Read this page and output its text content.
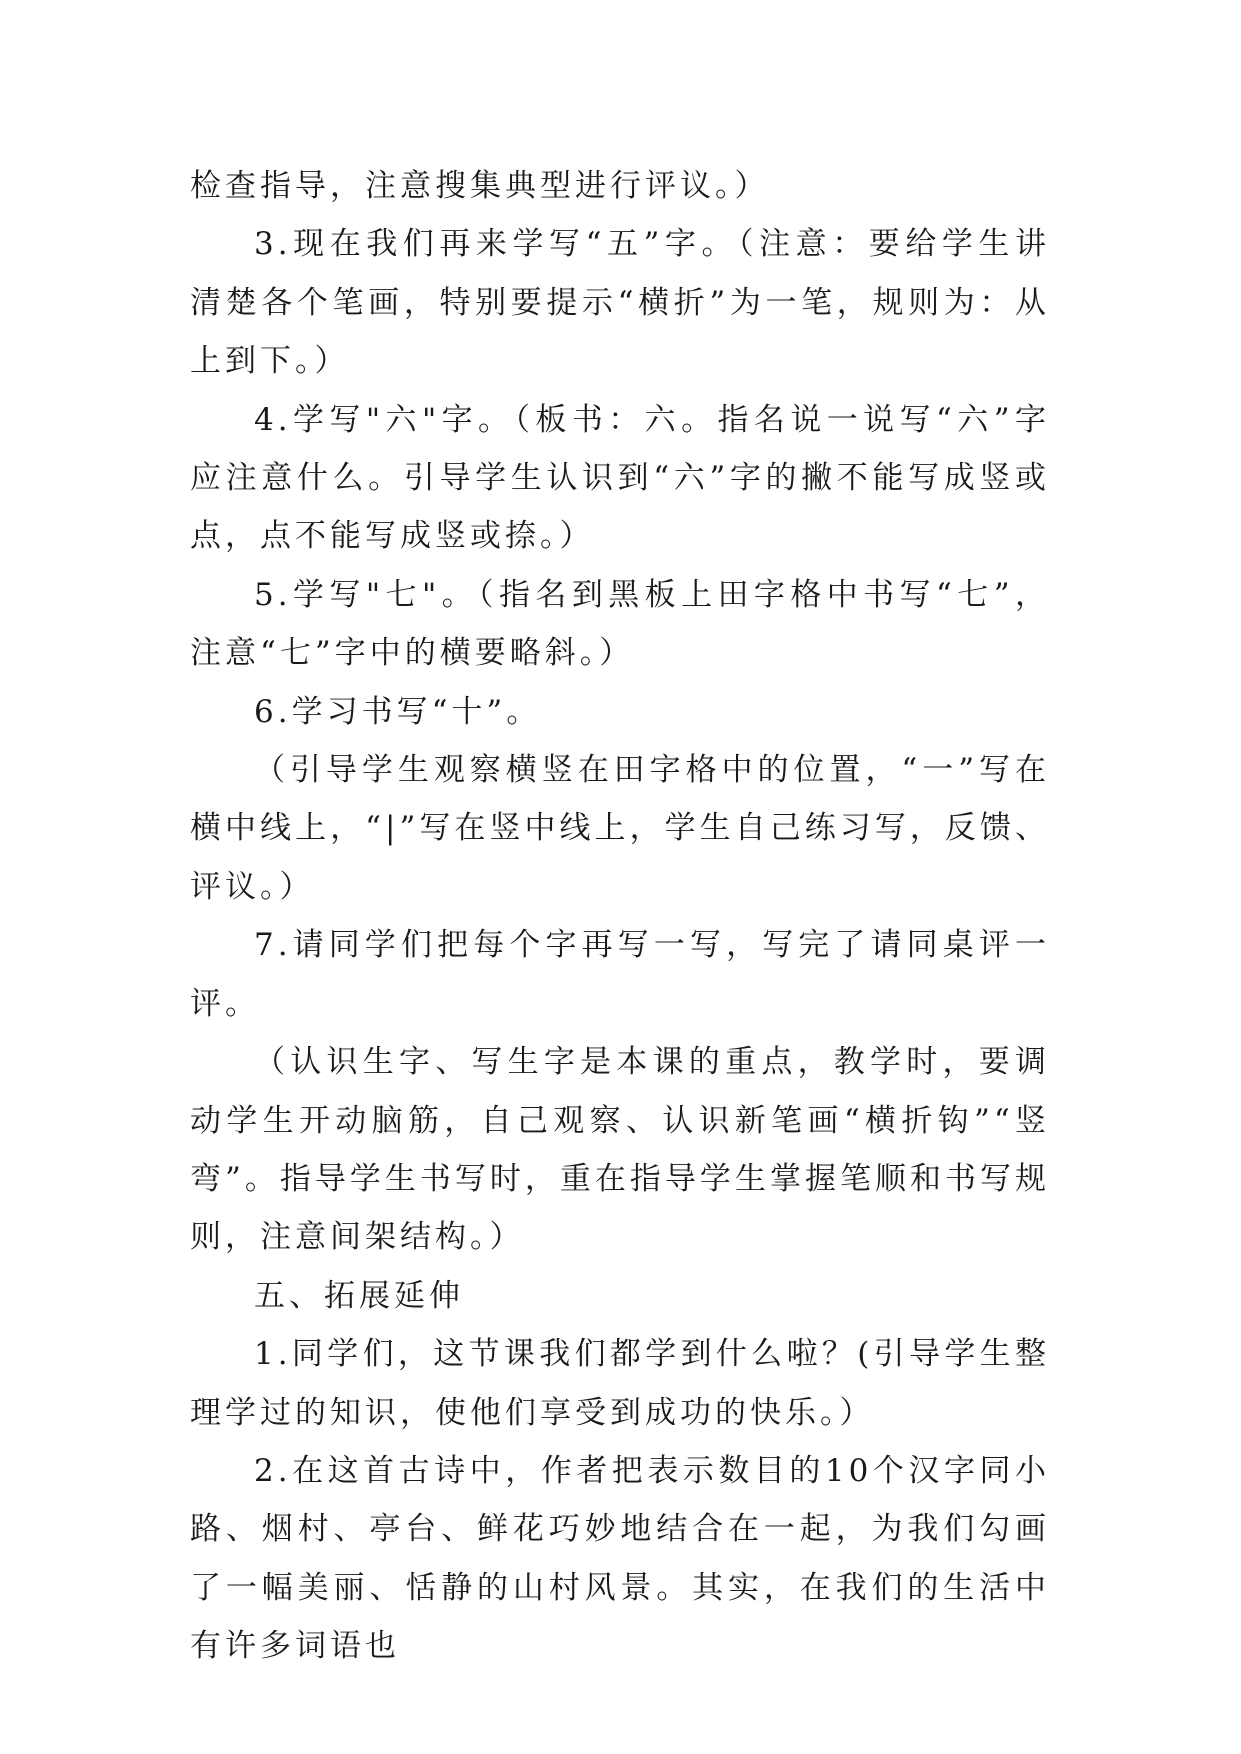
检查指导，注意搜集典型进行评议。）

3.现在我们再来学写“五”字。（注意：要给学生讲清楚各个笔画，特别要提示“横折”为一笔，规则为：从上到下。）

4.学写"六"字。（板书：六。指名说一说写“六”字应注意什么。引导学生认识到“六”字的撇不能写成竖或点，点不能写成竖或捺。）

5.学写"七"。（指名到黑板上田字格中书写“七”，注意“七”字中的横要略斜。）

6.学习书写“十”。

（引导学生观察横竖在田字格中的位置，“一”写在横中线上，“|”写在竖中线上，学生自己练习写，反馈、评议。）

7.请同学们把每个字再写一写，写完了请同桌评一评。

（认识生字、写生字是本课的重点，教学时，要调动学生开动脑筋，自己观察、认识新笔画“横折钩”“竖弯”。指导学生书写时，重在指导学生掌握笔顺和书写规则，注意间架结构。）

五、拓展延伸

1.同学们，这节课我们都学到什么啦？(引导学生整理学过的知识，使他们享受到成功的快乐。）

2.在这首古诗中，作者把表示数目的10个汉字同小路、烟村、亭台、鲜花巧妙地结合在一起，为我们勾画了一幅美丽、恬静的山村风景。其实，在我们的生活中有许多词语也
